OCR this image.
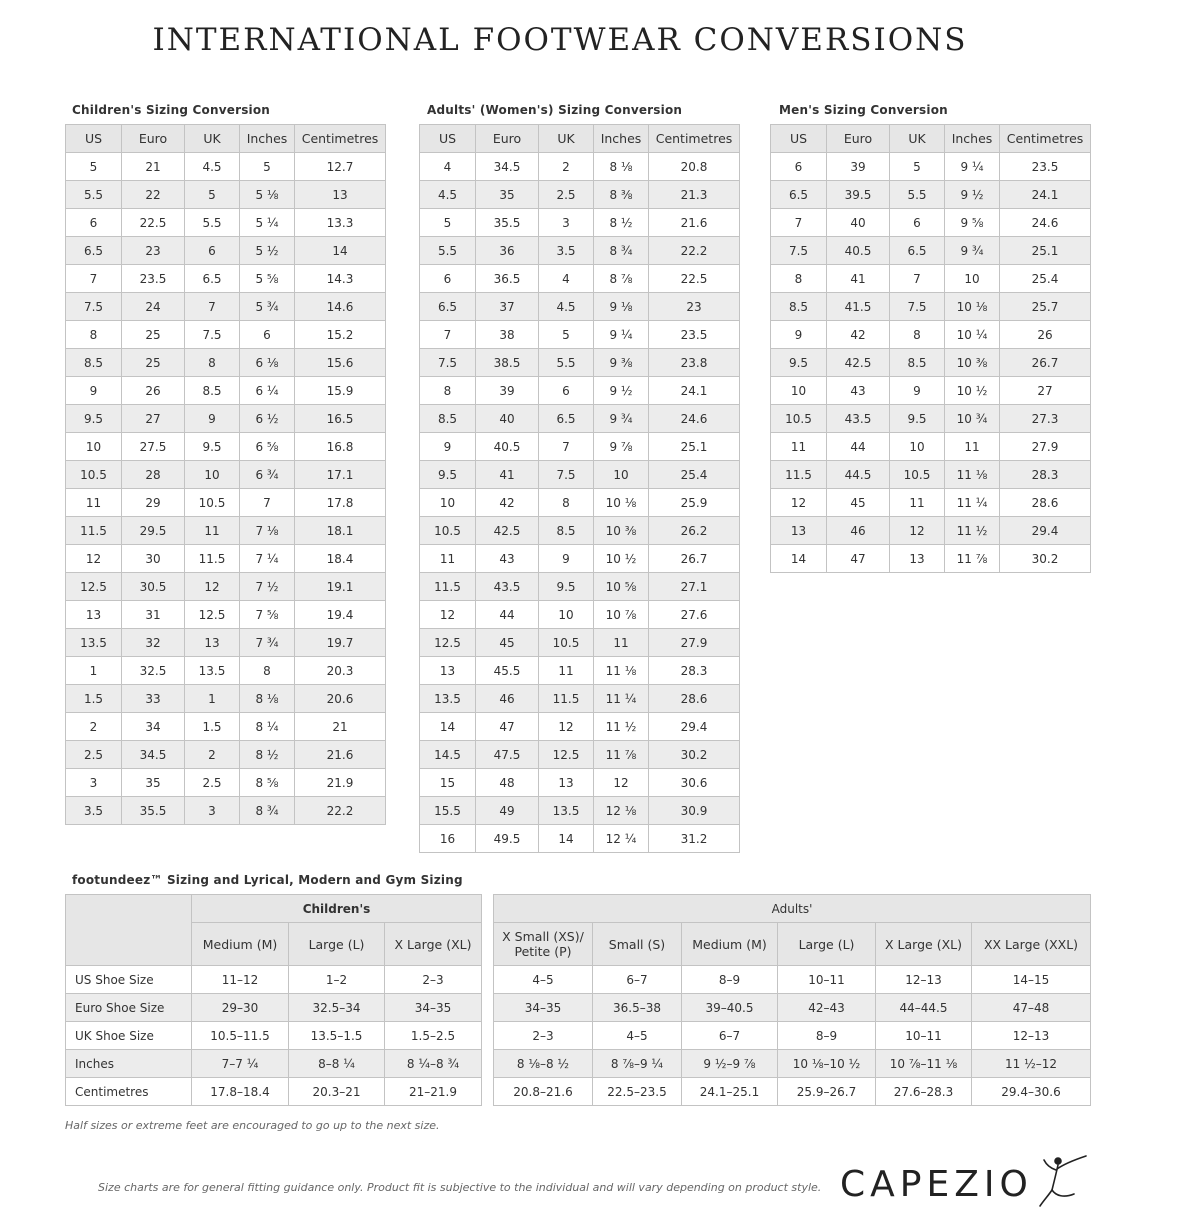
INTERNATIONAL FOOTWEAR CONVERSIONS
Children's Sizing Conversion
US	Euro	UK	Inches	Centimetres
5	21	4.5	5	12.7
5.5	22	5	5 ⅛	13
6	22.5	5.5	5 ¼	13.3
6.5	23	6	5 ½	14
7	23.5	6.5	5 ⅝	14.3
7.5	24	7	5 ¾	14.6
8	25	7.5	6	15.2
8.5	25	8	6 ⅛	15.6
9	26	8.5	6 ¼	15.9
9.5	27	9	6 ½	16.5
10	27.5	9.5	6 ⅝	16.8
10.5	28	10	6 ¾	17.1
11	29	10.5	7	17.8
11.5	29.5	11	7 ⅛	18.1
12	30	11.5	7 ¼	18.4
12.5	30.5	12	7 ½	19.1
13	31	12.5	7 ⅝	19.4
13.5	32	13	7 ¾	19.7
1	32.5	13.5	8	20.3
1.5	33	1	8 ⅛	20.6
2	34	1.5	8 ¼	21
2.5	34.5	2	8 ½	21.6
3	35	2.5	8 ⅝	21.9
3.5	35.5	3	8 ¾	22.2
Adults' (Women's) Sizing Conversion
US	Euro	UK	Inches	Centimetres
4	34.5	2	8 ⅛	20.8
4.5	35	2.5	8 ⅜	21.3
5	35.5	3	8 ½	21.6
5.5	36	3.5	8 ¾	22.2
6	36.5	4	8 ⅞	22.5
6.5	37	4.5	9 ⅛	23
7	38	5	9 ¼	23.5
7.5	38.5	5.5	9 ⅜	23.8
8	39	6	9 ½	24.1
8.5	40	6.5	9 ¾	24.6
9	40.5	7	9 ⅞	25.1
9.5	41	7.5	10	25.4
10	42	8	10 ⅛	25.9
10.5	42.5	8.5	10 ⅜	26.2
11	43	9	10 ½	26.7
11.5	43.5	9.5	10 ⅝	27.1
12	44	10	10 ⅞	27.6
12.5	45	10.5	11	27.9
13	45.5	11	11 ⅛	28.3
13.5	46	11.5	11 ¼	28.6
14	47	12	11 ½	29.4
14.5	47.5	12.5	11 ⅞	30.2
15	48	13	12	30.6
15.5	49	13.5	12 ⅛	30.9
16	49.5	14	12 ¼	31.2
Men's Sizing Conversion
US	Euro	UK	Inches	Centimetres
6	39	5	9 ¼	23.5
6.5	39.5	5.5	9 ½	24.1
7	40	6	9 ⅝	24.6
7.5	40.5	6.5	9 ¾	25.1
8	41	7	10	25.4
8.5	41.5	7.5	10 ⅛	25.7
9	42	8	10 ¼	26
9.5	42.5	8.5	10 ⅜	26.7
10	43	9	10 ½	27
10.5	43.5	9.5	10 ¾	27.3
11	44	10	11	27.9
11.5	44.5	10.5	11 ⅛	28.3
12	45	11	11 ¼	28.6
13	46	12	11 ½	29.4
14	47	13	11 ⅞	30.2
footundeez™ Sizing and Lyrical, Modern and Gym Sizing
	Children's		
	Medium (M)	Large (L)	X Large (XL)
US Shoe Size	11–12	1–2	2–3
Euro Shoe Size	29–30	32.5–34	34–35
UK Shoe Size	10.5–11.5	13.5–1.5	1.5–2.5
Inches	7–7 ¼	8–8 ¼	8 ¼–8 ¾
Centimetres	17.8–18.4	20.3–21	21–21.9
Adults'					
X Small (XS)/ Petite (P)	Small (S)	Medium (M)	Large (L)	X Large (XL)	XX Large (XXL)
4–5	6–7	8–9	10–11	12–13	14–15
34–35	36.5–38	39–40.5	42–43	44–44.5	47–48
2–3	4–5	6–7	8–9	10–11	12–13
8 ⅛–8 ½	8 ⅞–9 ¼	9 ½–9 ⅞	10 ⅛–10 ½	10 ⅞–11 ⅛	11 ½–12
20.8–21.6	22.5–23.5	24.1–25.1	25.9–26.7	27.6–28.3	29.4–30.6
Half sizes or extreme feet are encouraged to go up to the next size.
Size charts are for general fitting guidance only. Product fit is subjective to the individual and will vary depending on product style. CAPEZIO
